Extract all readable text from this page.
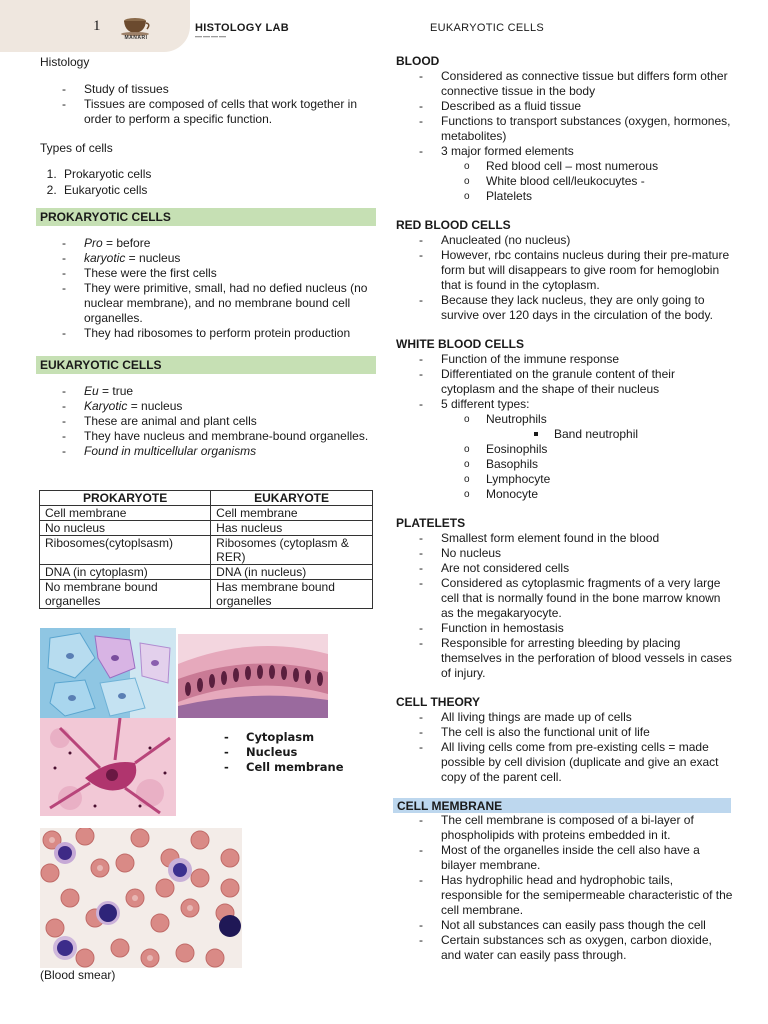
1
MANARI
HISTOLOGY LAB
————
EUKARYOTIC CELLS
Histology
- Study of tissues
- Tissues are composed of cells that work together in order to perform a specific function.
Types of cells
1. Prokaryotic cells
2. Eukaryotic cells
PROKARYOTIC CELLS
- Pro = before
- karyotic = nucleus
- These were the first cells
- They were primitive, small, had no defied nucleus (no nuclear membrane), and no membrane bound cell organelles.
- They had ribosomes to perform protein production
EUKARYOTIC CELLS
- Eu = true
- Karyotic = nucleus
- These are animal and plant cells
- They have nucleus and membrane-bound organelles.
- Found in multicellular organisms
PROKARYOTE	EUKARYOTE
Cell membrane	Cell membrane
No nucleus	Has nucleus
Ribosomes(cytoplsasm)	Ribosomes (cytoplasm & RER)
DNA (in cytoplasm)	DNA (in nucleus)
No membrane bound organelles	Has membrane bound organelles
- Cytoplasm
- Nucleus
- Cell membrane
(Blood smear)
BLOOD
- Considered as connective tissue but differs form other connective tissue in the body
- Described as a fluid tissue
- Functions to transport substances (oxygen, hormones, metabolites)
- 3 major formed elements
o Red blood cell – most numerous
o White blood cell/leukocuytes -
o Platelets
RED BLOOD CELLS
- Anucleated (no nucleus)
- However, rbc contains nucleus during their pre-mature form but will disappears to give room for hemoglobin that is found in the cytoplasm.
- Because they lack nucleus, they are only going to survive over 120 days in the circulation of the body.
WHITE BLOOD CELLS
- Function of the immune response
- Differentiated on the granule content of their cytoplasm and the shape of their nucleus
- 5 different types:
o Neutrophils
Band neutrophil
o Eosinophils
o Basophils
o Lymphocyte
o Monocyte
PLATELETS
- Smallest form element found in the blood
- No nucleus
- Are not considered cells
- Considered as cytoplasmic fragments of a very large cell that is normally found in the bone marrow known as the megakaryocyte.
- Function in hemostasis
- Responsible for arresting bleeding by placing themselves in the perforation of blood vessels in cases of injury.
CELL THEORY
- All living things are made up of cells
- The cell is also the functional unit of life
- All living cells come from pre-existing cells = made possible by cell division (duplicate and give an exact copy of the parent cell.
CELL MEMBRANE
- The cell membrane is composed of a bi-layer of phospholipids with proteins embedded in it.
- Most of the organelles inside the cell also have a bilayer membrane.
- Has hydrophilic head and hydrophobic tails, responsible for the semipermeable characteristic of the cell membrane.
- Not all substances can easily pass though the cell
- Certain substances sch as oxygen, carbon dioxide, and water can easily pass through.
